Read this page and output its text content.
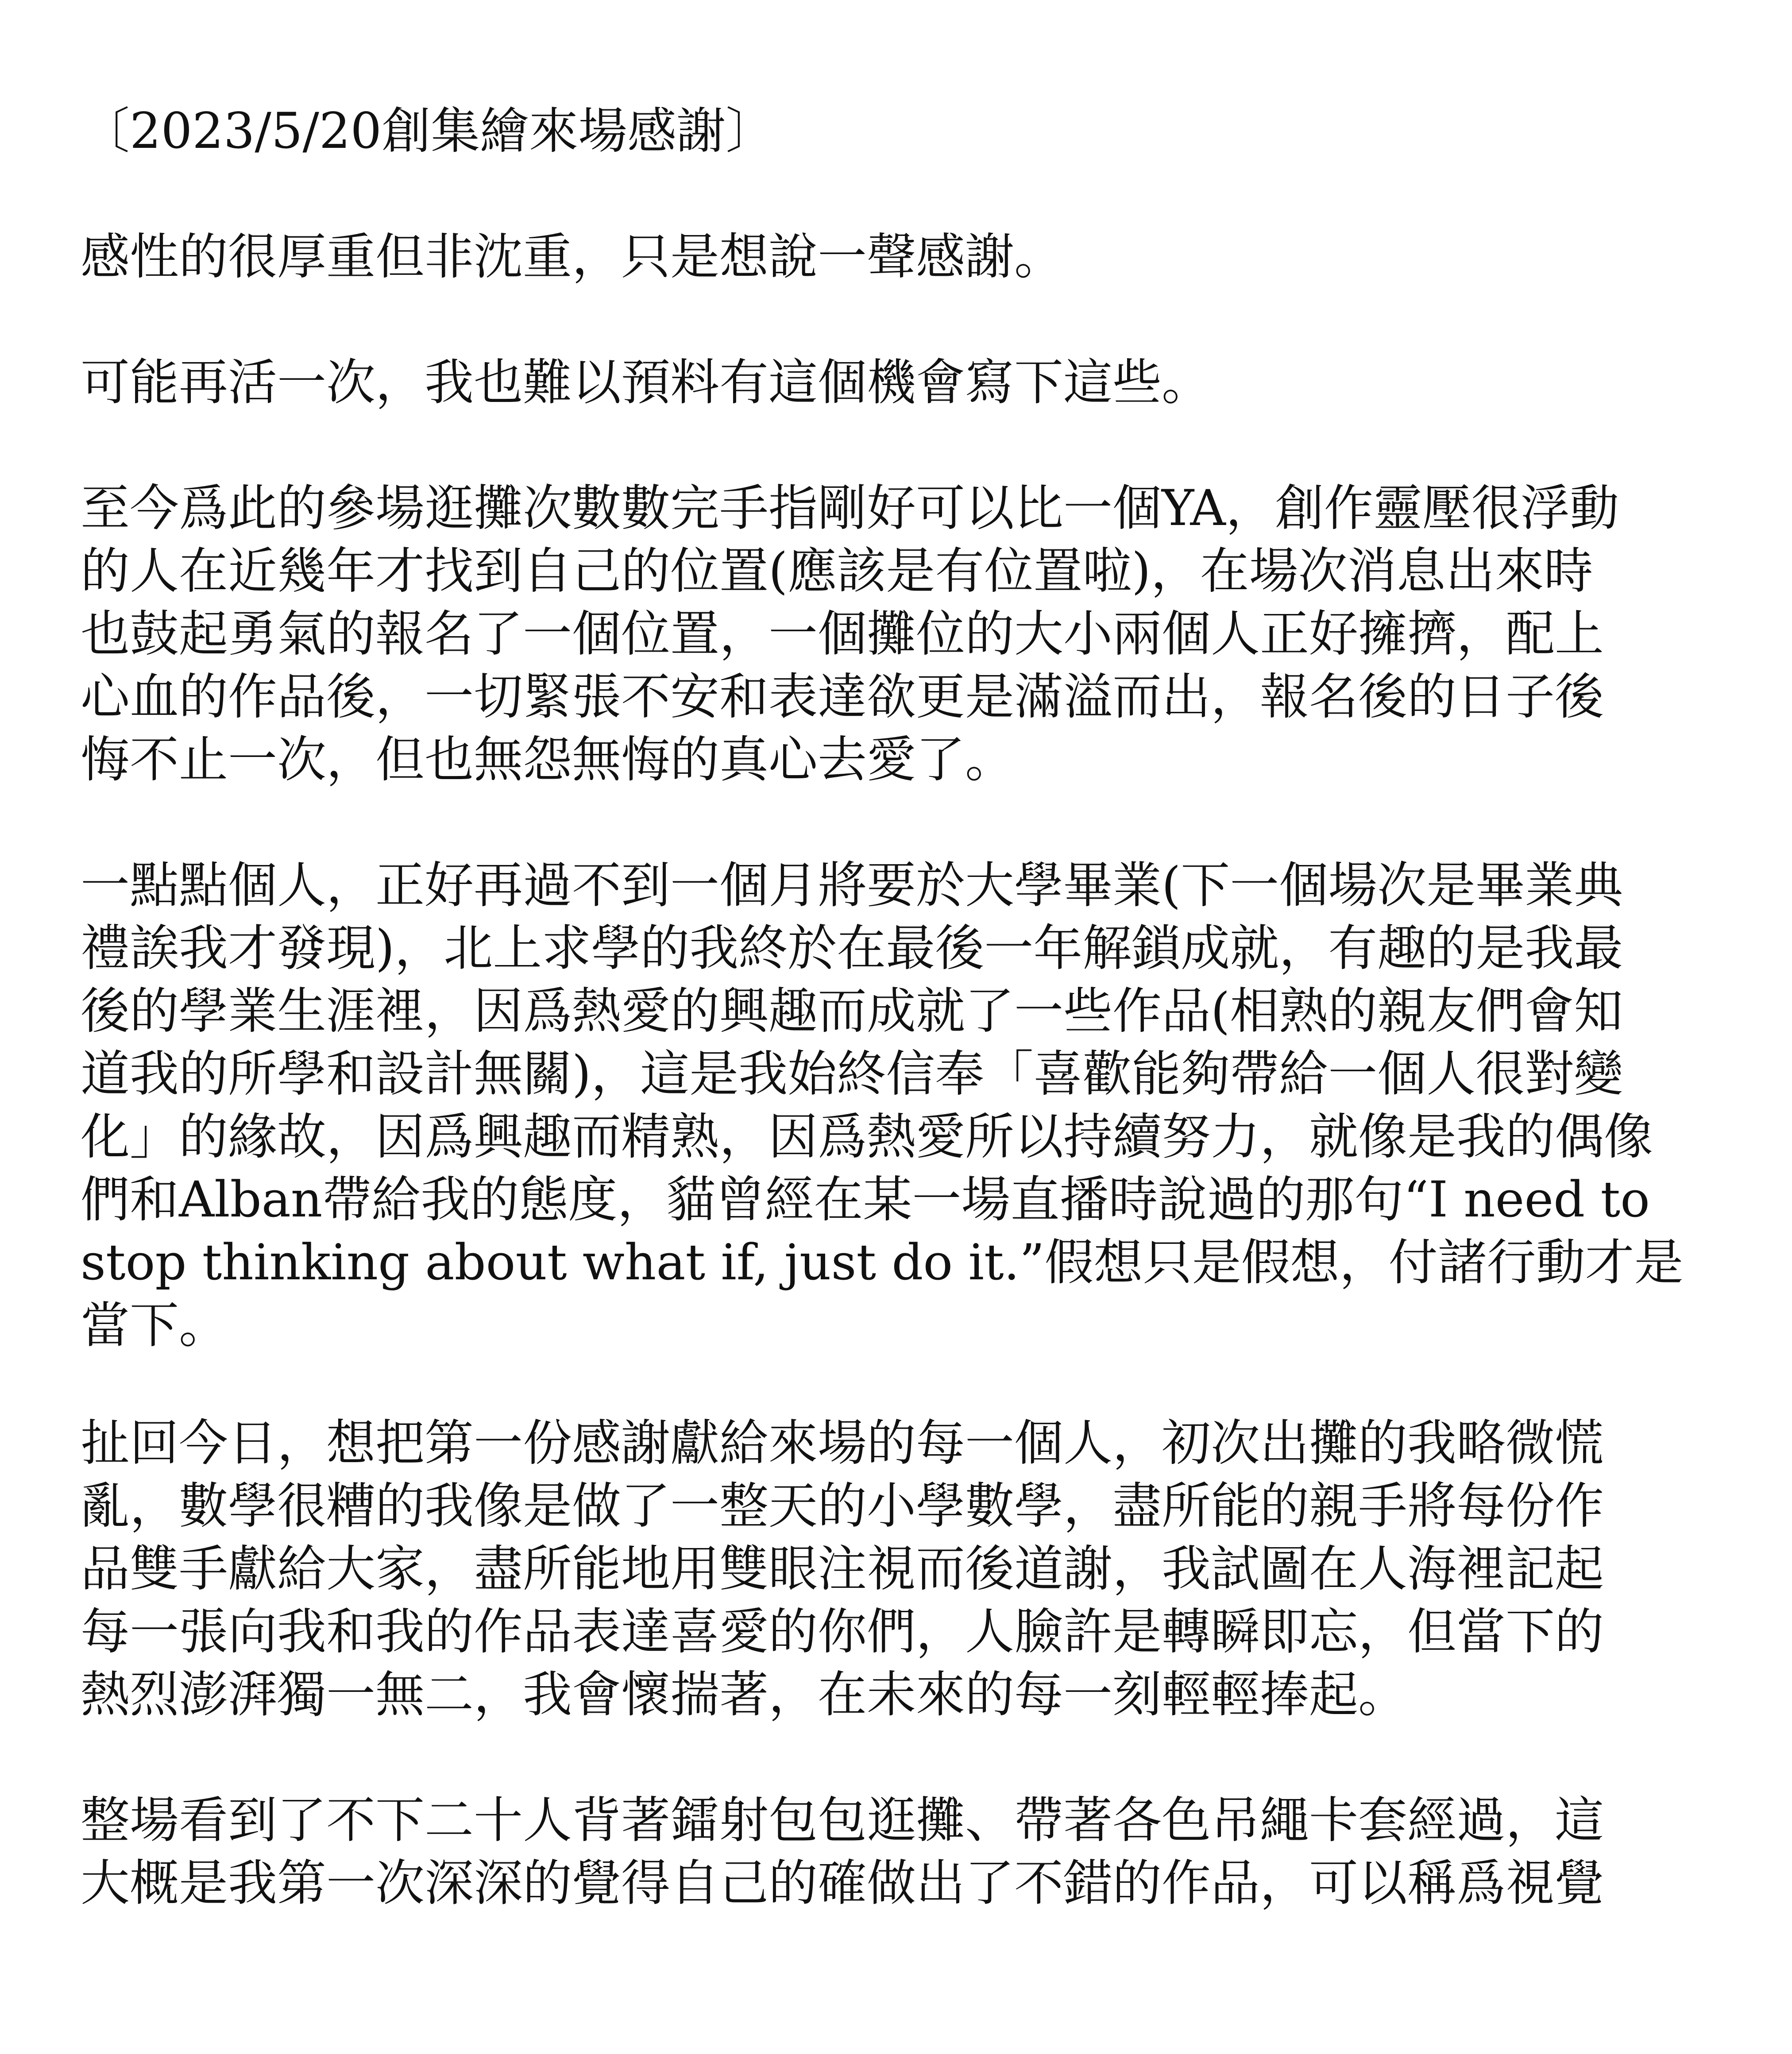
〔2023/5/20創集繪來場感謝〕
感性的很厚重但非沈重，只是想說一聲感謝。
可能再活一次，我也難以預料有這個機會寫下這些。
至今爲此的參場逛攤次數數完手指剛好可以比一個YA，創作靈壓很浮動
的人在近幾年才找到自己的位置(應該是有位置啦)，在場次消息出來時
也鼓起勇氣的報名了一個位置，一個攤位的大小兩個人正好擁擠，配上
心血的作品後，一切緊張不安和表達欲更是滿溢而出，報名後的日子後
悔不止一次，但也無怨無悔的真心去愛了。
一點點個人，正好再過不到一個月將要於大學畢業(下一個場次是畢業典
禮誒我才發現)，北上求學的我終於在最後一年解鎖成就，有趣的是我最
後的學業生涯裡，因爲熱愛的興趣而成就了一些作品(相熟的親友們會知
道我的所學和設計無關)，這是我始終信奉「喜歡能夠帶給一個人很對變
化」的緣故，因爲興趣而精熟，因爲熱愛所以持續努力，就像是我的偶像
們和Alban帶給我的態度，貓曾經在某一場直播時說過的那句“I need to
stop thinking about what if, just do it.”假想只是假想，付諸行動才是
當下。
扯回今日，想把第一份感謝獻給來場的每一個人，初次出攤的我略微慌
亂，數學很糟的我像是做了一整天的小學數學，盡所能的親手將每份作
品雙手獻給大家，盡所能地用雙眼注視而後道謝，我試圖在人海裡記起
每一張向我和我的作品表達喜愛的你們，人臉許是轉瞬即忘，但當下的
熱烈澎湃獨一無二，我會懷揣著，在未來的每一刻輕輕捧起。
整場看到了不下二十人背著鐳射包包逛攤、帶著各色吊繩卡套經過，這
大概是我第一次深深的覺得自己的確做出了不錯的作品，可以稱爲視覺
